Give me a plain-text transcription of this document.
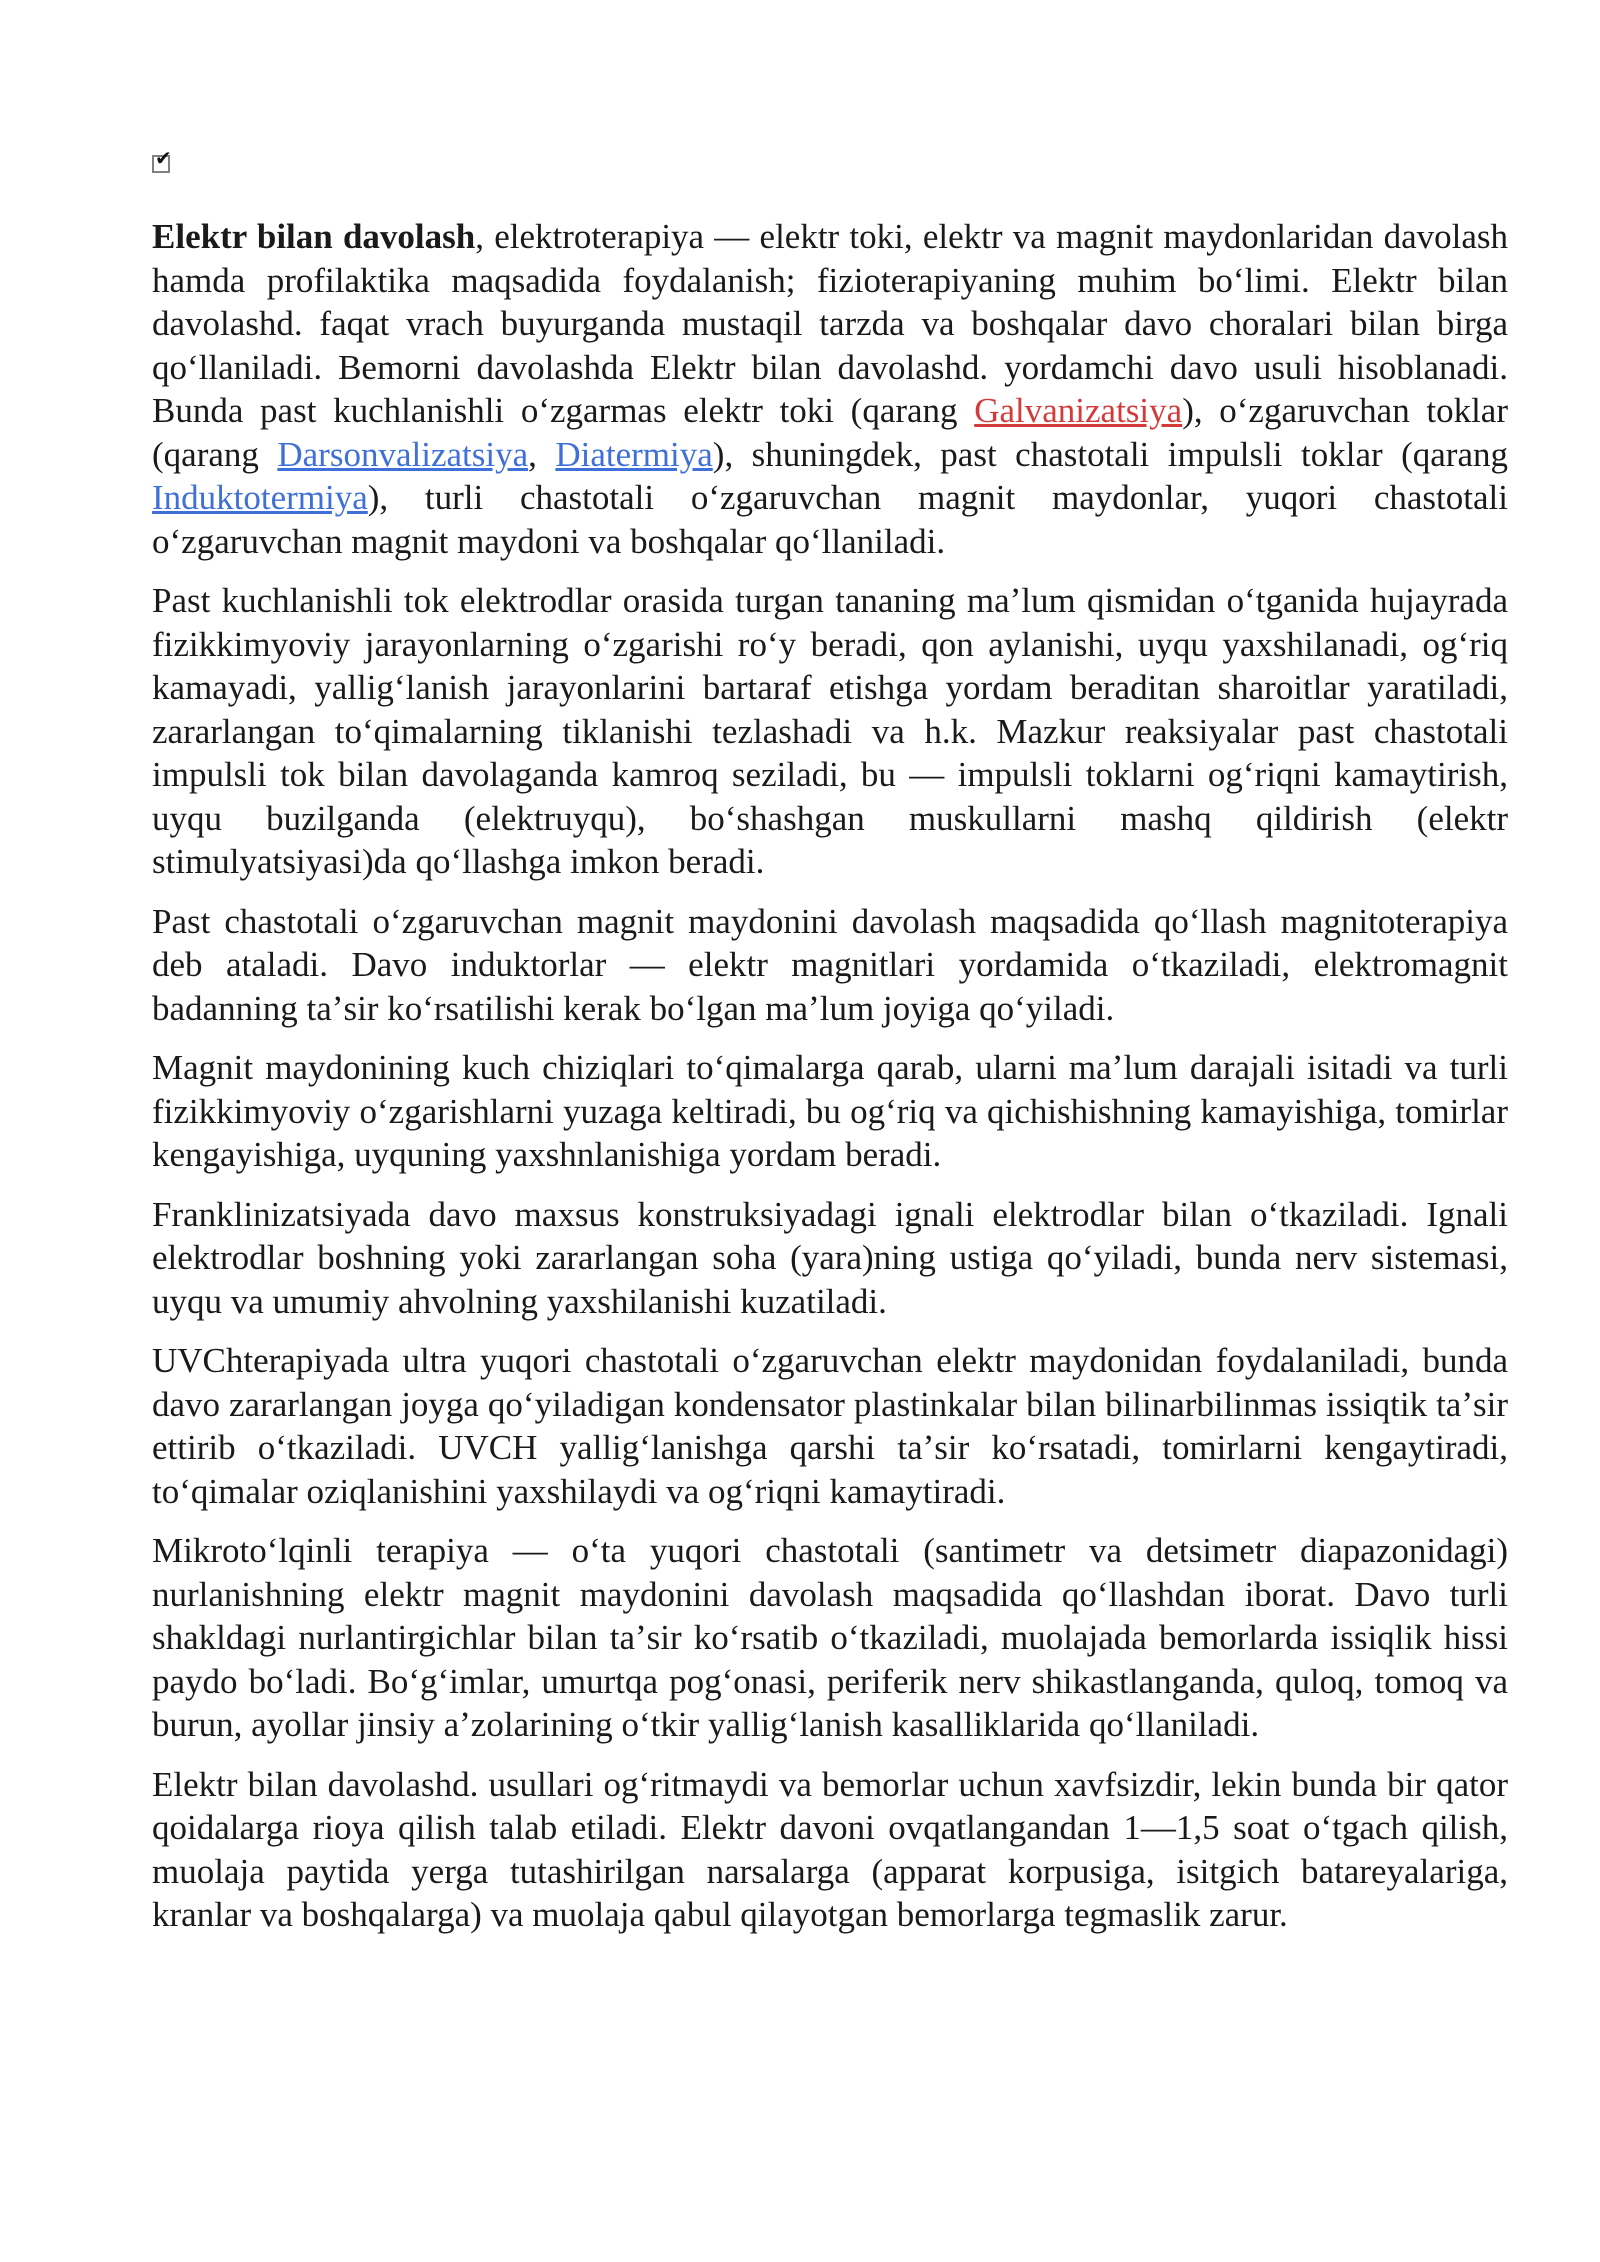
✔

Elektr bilan davolash, elektroterapiya — elektr toki, elektr va magnit maydonlaridan davolash hamda profilaktika maqsadida foydalanish; fizioterapiyaning muhim boʻlimi. Elektr bilan davolashd. faqat vrach buyurganda mustaqil tarzda va boshqalar davo choralari bilan birga qoʻllaniladi. Bemorni davolashda Elektr bilan davolashd. yordamchi davo usuli hisoblanadi. Bunda past kuchlanishli oʻzgarmas elektr toki (qarang Galvanizatsiya), oʻzgaruvchan toklar (qarang Darsonvalizatsiya, Diatermiya), shuningdek, past chastotali impulsli toklar (qarang Induktotermiya), turli chastotali oʻzgaruvchan magnit maydonlar, yuqori chastotali oʻzgaruvchan magnit maydoni va boshqalar qoʻllaniladi.

Past kuchlanishli tok elektrodlar orasida turgan tananing maʼlum qismidan oʻtganida hujayrada fizikkimyoviy jarayonlarning oʻzgarishi roʻy beradi, qon aylanishi, uyqu yaxshilanadi, ogʻriq kamayadi, yalligʻlanish jarayonlarini bartaraf etishga yordam beraditan sharoitlar yaratiladi, zararlangan toʻqimalarning tiklanishi tezlashadi va h.k. Mazkur reaksiyalar past chastotali impulsli tok bilan davolaganda kamroq seziladi, bu — impulsli toklarni ogʻriqni kamaytirish, uyqu buzilganda (elektruyqu), boʻshashgan muskullarni mashq qildirish (elektr stimulyatsiyasi)da qoʻllashga imkon beradi.

Past chastotali oʻzgaruvchan magnit maydonini davolash maqsadida qoʻllash magnitoterapiya deb ataladi. Davo induktorlar — elektr magnitlari yordamida oʻtkaziladi, elektromagnit badanning taʼsir koʻrsatilishi kerak boʻlgan maʼlum joyiga qoʻyiladi.

Magnit maydonining kuch chiziqlari toʻqimalarga qarab, ularni maʼlum darajali isitadi va turli fizikkimyoviy oʻzgarishlarni yuzaga keltiradi, bu ogʻriq va qichishishning kamayishiga, tomirlar kengayishiga, uyquning yaxshnlanishiga yordam beradi.

Franklinizatsiyada davo maxsus konstruksiyadagi ignali elektrodlar bilan oʻtkaziladi. Ignali elektrodlar boshning yoki zararlangan soha (yara)ning ustiga qoʻyiladi, bunda nerv sistemasi, uyqu va umumiy ahvolning yaxshilanishi kuzatiladi.

UVChterapiyada ultra yuqori chastotali oʻzgaruvchan elektr maydonidan foydalaniladi, bunda davo zararlangan joyga qoʻyiladigan kondensator plastinkalar bilan bilinarbilinmas issiqtik taʼsir ettirib oʻtkaziladi. UVCH yalligʻlanishga qarshi taʼsir koʻrsatadi, tomirlarni kengaytiradi, toʻqimalar oziqlanishini yaxshilaydi va ogʻriqni kamaytiradi.

Mikrotoʻlqinli terapiya — oʻta yuqori chastotali (santimetr va detsimetr diapazonidagi) nurlanishning elektr magnit maydonini davolash maqsadida qoʻllashdan iborat. Davo turli shakldagi nurlantirgichlar bilan taʼsir koʻrsatib oʻtkaziladi, muolajada bemorlarda issiqlik hissi paydo boʻladi. Boʻgʻimlar, umurtqa pogʻonasi, periferik nerv shikastlanganda, quloq, tomoq va burun, ayollar jinsiy aʼzolarining oʻtkir yalligʻlanish kasalliklarida qoʻllaniladi.

Elektr bilan davolashd. usullari ogʻritmaydi va bemorlar uchun xavfsizdir, lekin bunda bir qator qoidalarga rioya qilish talab etiladi. Elektr davoni ovqatlangandan 1—1,5 soat oʻtgach qilish, muolaja paytida yerga tutashirilgan narsalarga (apparat korpusiga, isitgich batareyalariga, kranlar va boshqalarga) va muolaja qabul qilayotgan bemorlarga tegmaslik zarur.
